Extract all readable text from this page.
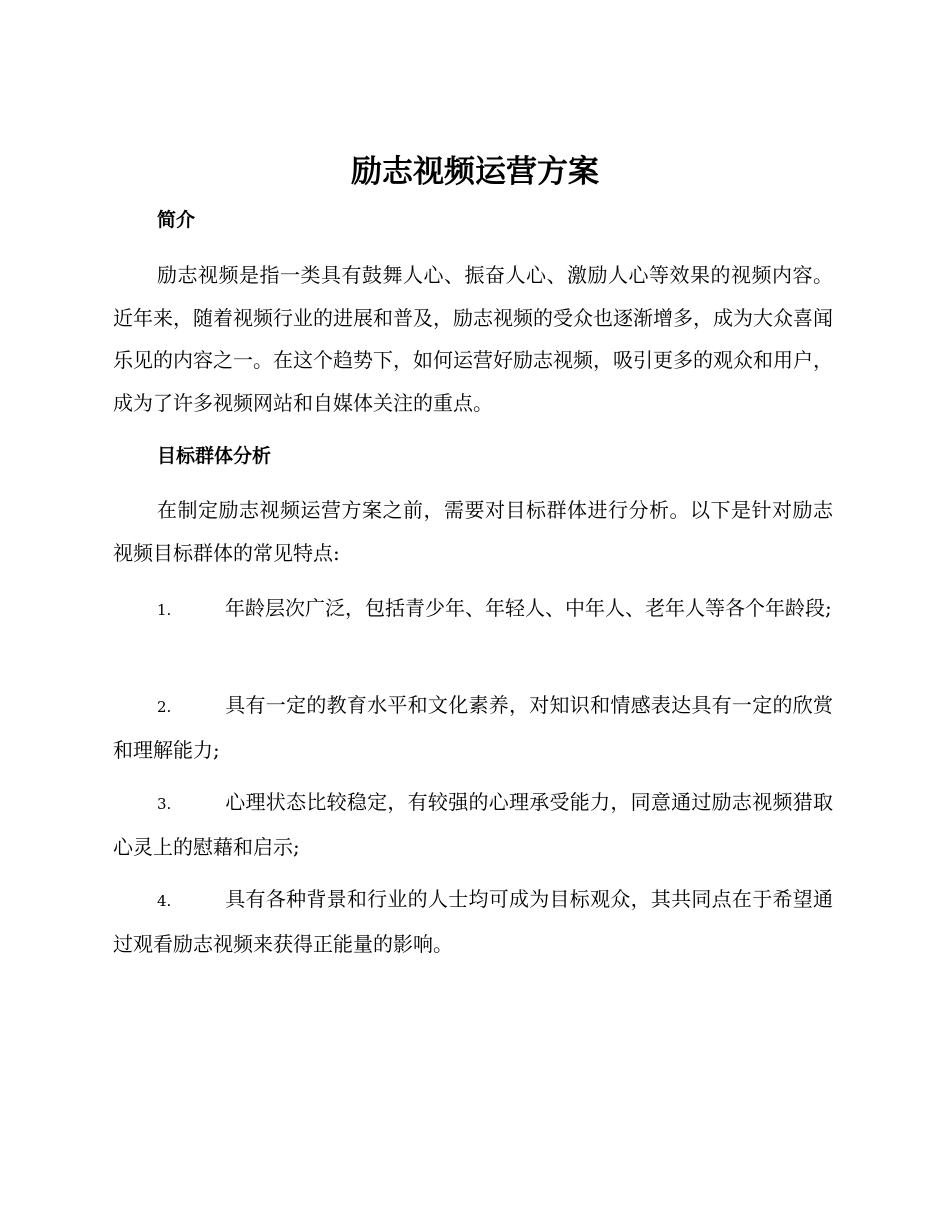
励志视频运营方案
简介

励志视频是指一类具有鼓舞人心、振奋人心、激励人心等效果的视频内容。近年来，随着视频行业的进展和普及，励志视频的受众也逐渐增多，成为大众喜闻乐见的内容之一。在这个趋势下，如何运营好励志视频，吸引更多的观众和用户，成为了许多视频网站和自媒体关注的重点。

目标群体分析

在制定励志视频运营方案之前，需要对目标群体进行分析。以下是针对励志视频目标群体的常见特点:

1.	年龄层次广泛，包括青少年、年轻人、中年人、老年人等各个年龄段;
2.	具有一定的教育水平和文化素养，对知识和情感表达具有一定的欣赏和理解能力;
3.	心理状态比较稳定，有较强的心理承受能力，同意通过励志视频猎取心灵上的慰藉和启示;
4.	具有各种背景和行业的人士均可成为目标观众，其共同点在于希望通过观看励志视频来获得正能量的影响。
